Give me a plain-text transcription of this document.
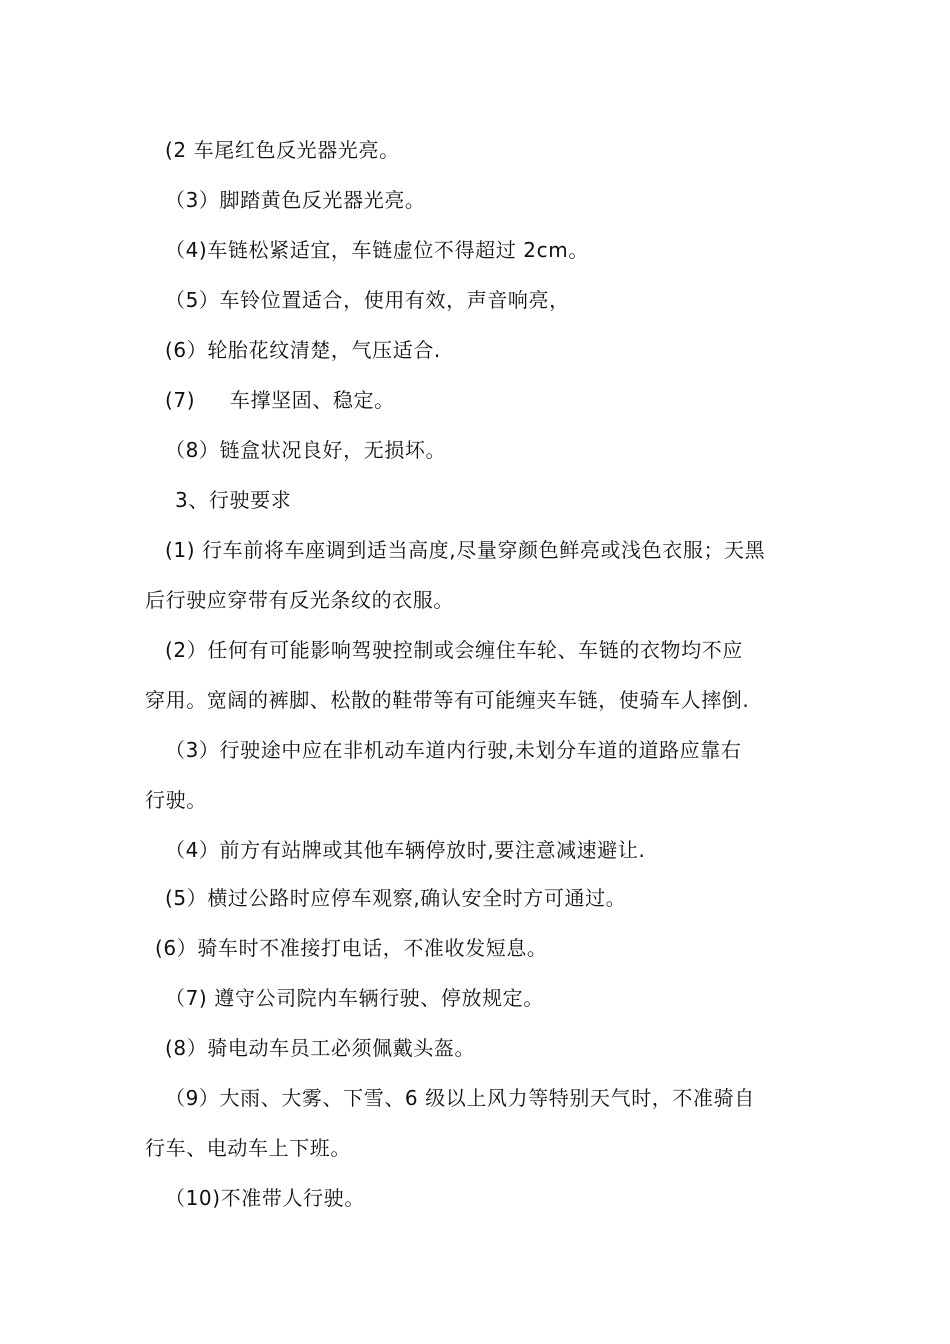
(2 车尾红色反光器光亮。

（3）脚踏黄色反光器光亮。

（4)车链松紧适宜，车链虚位不得超过 2cm。

（5）车铃位置适合，使用有效，声音响亮，

(6）轮胎花纹清楚，气压适合.

(7)     车撑坚固、稳定。

（8）链盒状况良好，无损坏。

3、行驶要求

(1) 行车前将车座调到适当高度,尽量穿颜色鲜亮或浅色衣服；天黑

后行驶应穿带有反光条纹的衣服。

(2）任何有可能影响驾驶控制或会缠住车轮、车链的衣物均不应

穿用。宽阔的裤脚、松散的鞋带等有可能缠夹车链，使骑车人摔倒.

（3）行驶途中应在非机动车道内行驶,未划分车道的道路应靠右

行驶。

（4）前方有站牌或其他车辆停放时,要注意减速避让.

(5）横过公路时应停车观察,确认安全时方可通过。

(6）骑车时不准接打电话，不准收发短息。

（7) 遵守公司院内车辆行驶、停放规定。

(8）骑电动车员工必须佩戴头盔。

（9）大雨、大雾、下雪、6 级以上风力等特别天气时，不准骑自

行车、电动车上下班。

（10)不准带人行驶。
